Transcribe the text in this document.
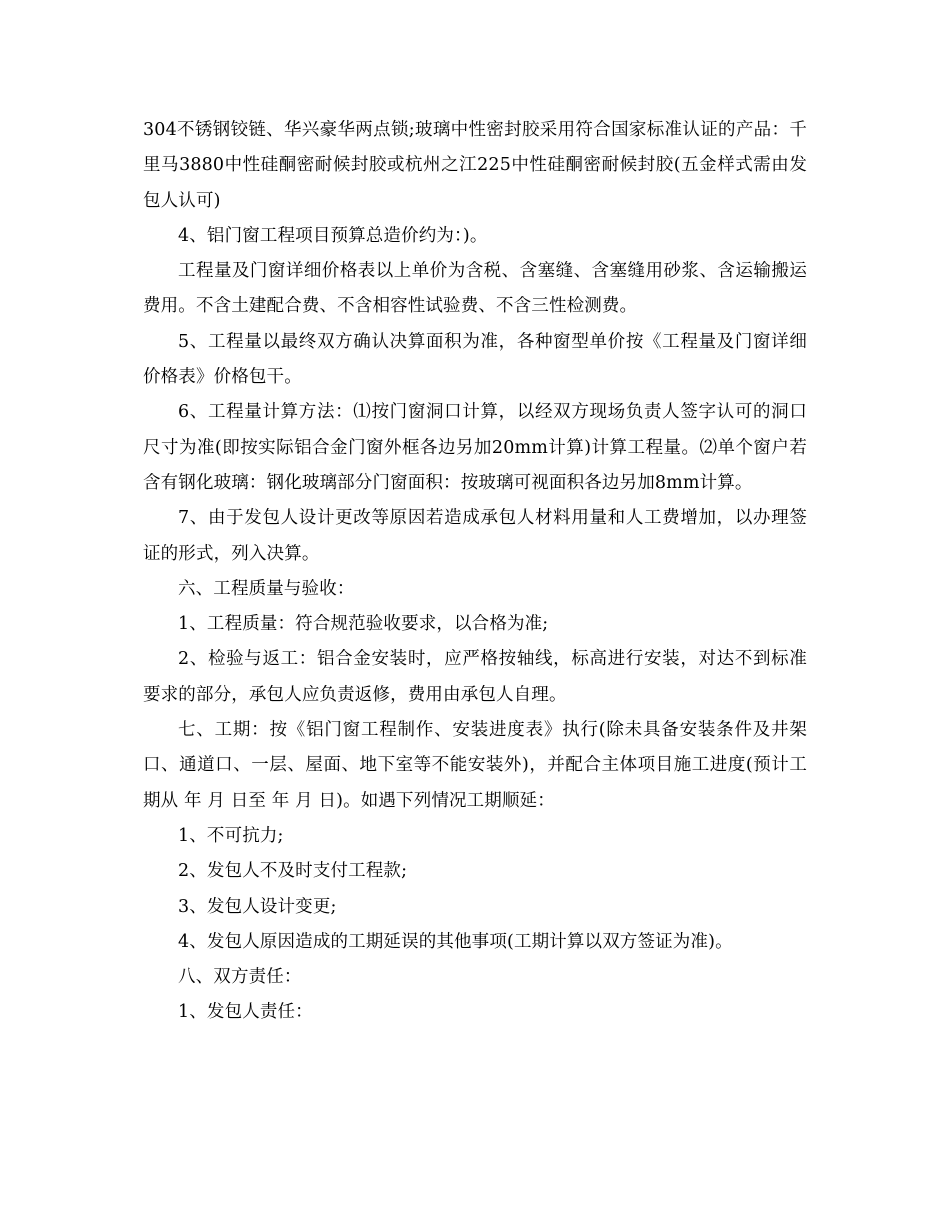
304不锈钢铰链、华兴豪华两点锁;玻璃中性密封胶采用符合国家标准认证的产品：千里马3880中性硅酮密耐候封胶或杭州之江225中性硅酮密耐候封胶(五金样式需由发包人认可)

4、铝门窗工程项目预算总造价约为：)。

工程量及门窗详细价格表以上单价为含税、含塞缝、含塞缝用砂浆、含运输搬运费用。不含土建配合费、不含相容性试验费、不含三性检测费。

5、工程量以最终双方确认决算面积为准，各种窗型单价按《工程量及门窗详细价格表》价格包干。

6、工程量计算方法：⑴按门窗洞口计算，以经双方现场负责人签字认可的洞口尺寸为准(即按实际铝合金门窗外框各边另加20mm计算)计算工程量。⑵单个窗户若含有钢化玻璃：钢化玻璃部分门窗面积：按玻璃可视面积各边另加8mm计算。

7、由于发包人设计更改等原因若造成承包人材料用量和人工费增加，以办理签证的形式，列入决算。

六、工程质量与验收：

1、工程质量：符合规范验收要求，以合格为准;

2、检验与返工：铝合金安装时，应严格按轴线，标高进行安装，对达不到标准要求的部分，承包人应负责返修，费用由承包人自理。

七、工期：按《铝门窗工程制作、安装进度表》执行(除未具备安装条件及井架口、通道口、一层、屋面、地下室等不能安装外)，并配合主体项目施工进度(预计工期从 年 月 日至 年 月 日)。如遇下列情况工期顺延：

1、不可抗力;

2、发包人不及时支付工程款;

3、发包人设计变更;

4、发包人原因造成的工期延误的其他事项(工期计算以双方签证为准)。

八、双方责任：

1、发包人责任：
